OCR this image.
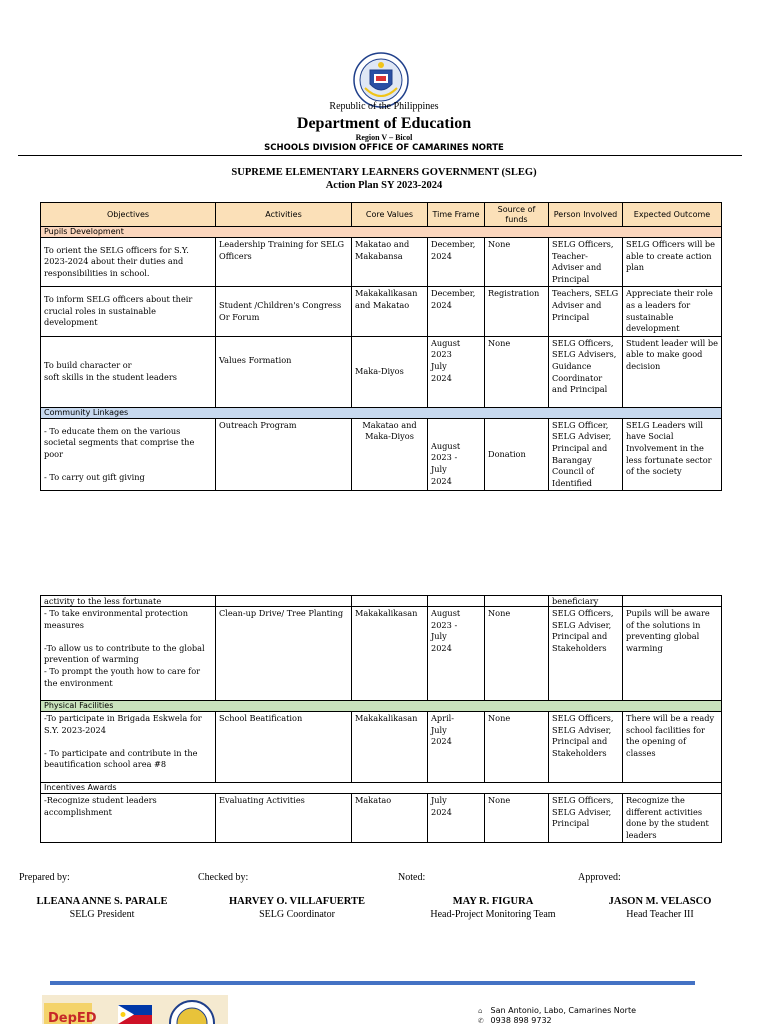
Republic of the Philippines
Department of Education
Region V – Bicol
SCHOOLS DIVISION OFFICE OF CAMARINES NORTE
SUPREME ELEMENTARY LEARNERS GOVERNMENT (SLEG)
Action Plan SY 2023-2024
Objectives	Activities	Core Values	Time Frame	Source of funds	Person Involved	Expected Outcome
Pupils Development						
To orient the SELG officers for S.Y. 2023-2024 about their duties and responsibilities in school.	Leadership Training for SELG Officers	Makatao and Makabansa	December, 2024	None	SELG Officers, Teacher-Adviser and Principal	SELG Officers will be able to create action plan
To inform SELG officers about their crucial roles in sustainable development	Student /Children's Congress Or Forum	Makakalikasan and Makatao	December, 2024	Registration	Teachers, SELG Adviser and Principal	Appreciate their role as a leaders for sustainable development
To build character or
soft skills in the student leaders	Values Formation	Maka-Diyos	August
2023
July
2024	None	SELG Officers, SELG Advisers, Guidance Coordinator and Principal	Student leader will be able to make good decision
Community Linkages						
- To educate them on the various societal segments that comprise the poor

- To carry out gift giving	Outreach Program	Makatao and
Maka-Diyos	August
2023 -
July
2024	Donation	SELG Officer, SELG Adviser, Principal and Barangay Council of Identified	SELG Leaders will have Social Involvement in the less fortunate sector of the society
activity to the less fortunate					beneficiary	
- To take environmental protection measures

-To allow us to contribute to the global prevention of warming
- To prompt the youth how to care for the environment	Clean-up Drive/ Tree Planting	Makakalikasan	August
2023 -
July
2024	None	SELG Officers, SELG Adviser, Principal and Stakeholders	Pupils will be aware of the solutions in preventing global warming
Physical Facilities						
-To participate in Brigada Eskwela for S.Y. 2023-2024

- To participate and contribute in the beautification school area #8	School Beatification	Makakalikasan	April-
July
2024	None	SELG Officers, SELG Adviser, Principal and Stakeholders	There will be a ready school facilities for the opening of classes
Incentives Awards						
-Recognize student leaders accomplishment	Evaluating Activities	Makatao	July
2024	None	SELG Officers, SELG Adviser, Principal	Recognize the different activities done by the student leaders
Prepared by:	Checked by:	Noted:	Approved:
LLEANA ANNE S. PARALE	HARVEY O. VILLAFUERTE	MAY R. FIGURA	JASON M. VELASCO
SELG President	SELG Coordinator	Head-Project Monitoring Team	Head Teacher III
DepED	⌂ San Antonio, Labo, Camarines Norte
✆ 0938 898 9732
